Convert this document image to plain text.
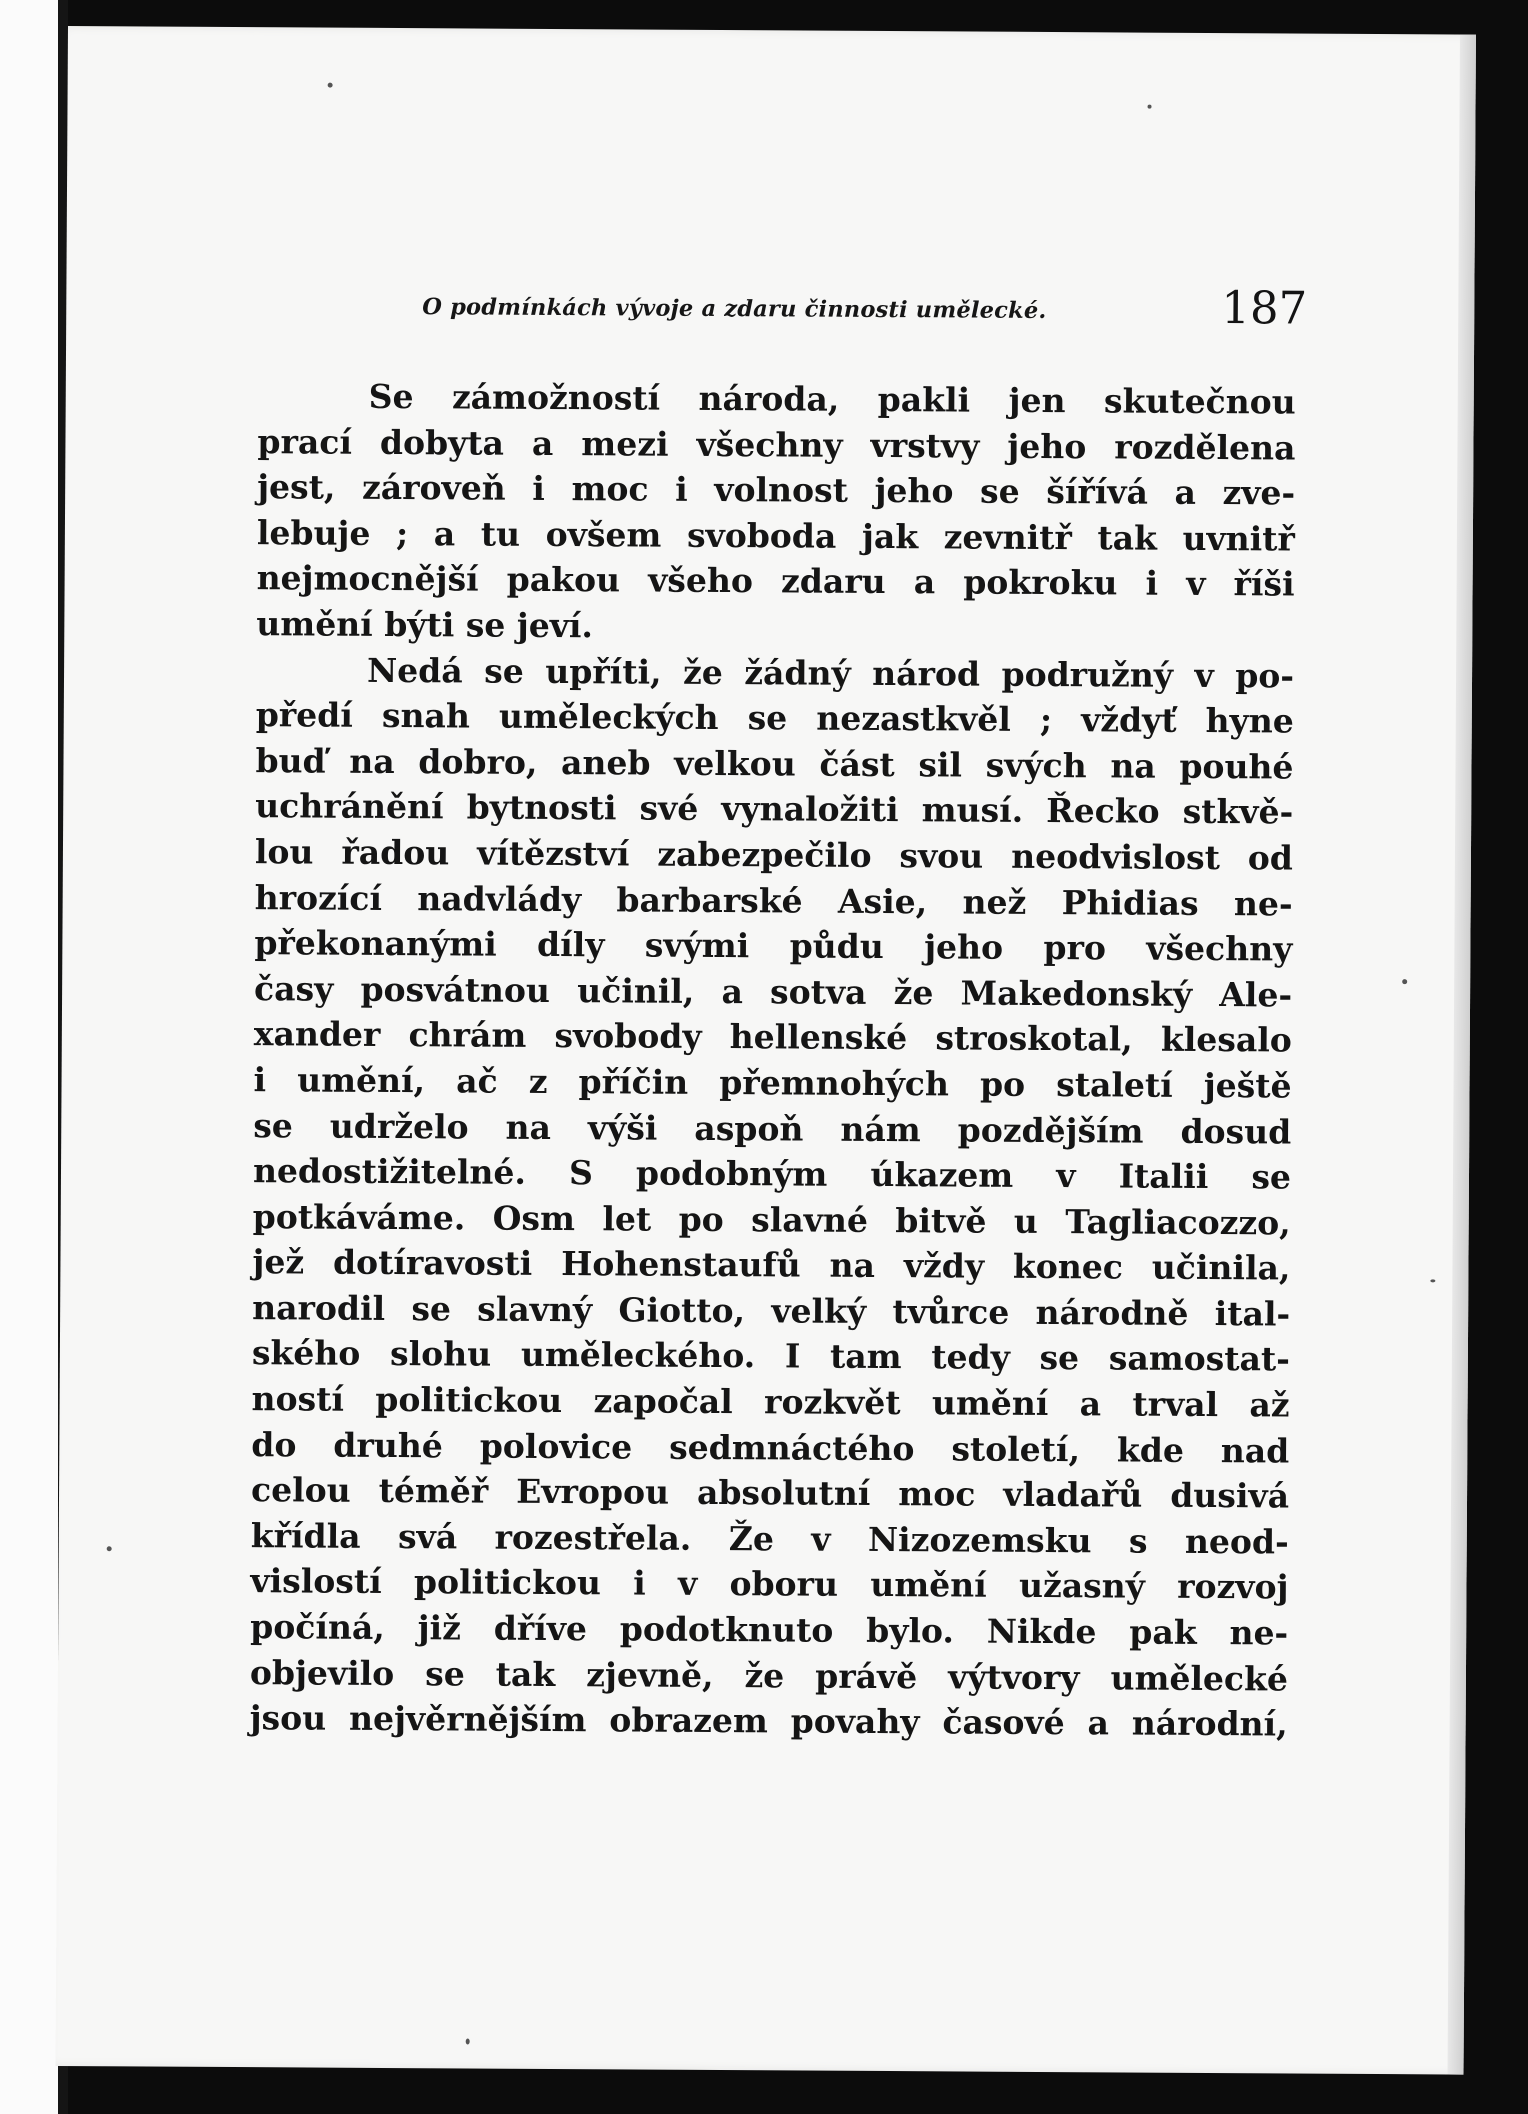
O podmínkách vývoje a zdaru činnosti umělecké.	187
Se zámožností národa, pakli jen skutečnou
prací dobyta a mezi všechny vrstvy jeho rozdělena
jest, zároveň i moc i volnost jeho se šířívá a zve-
lebuje ; a tu ovšem svoboda jak zevnitř tak uvnitř
nejmocnější pakou všeho zdaru a pokroku i v říši
umění býti se jeví.
Nedá se upříti, že žádný národ podružný v po-
předí snah uměleckých se nezastkvěl ; vždyť hyne
buď na dobro, aneb velkou část sil svých na pouhé
uchránění bytnosti své vynaložiti musí. Řecko stkvě-
lou řadou vítězství zabezpečilo svou neodvislost od
hrozící nadvlády barbarské Asie, než Phidias ne-
překonanými díly svými půdu jeho pro všechny
časy posvátnou učinil, a sotva že Makedonský Ale-
xander chrám svobody hellenské stroskotal, klesalo
i umění, ač z příčin přemnohých po staletí ještě
se udrželo na výši aspoň nám pozdějším dosud
nedostižitelné. S podobným úkazem v Italii se
potkáváme. Osm let po slavné bitvě u Tagliacozzo,
jež dotíravosti Hohenstaufů na vždy konec učinila,
narodil se slavný Giotto, velký tvůrce národně ital-
ského slohu uměleckého. I tam tedy se samostat-
ností politickou započal rozkvět umění a trval až
do druhé polovice sedmnáctého století, kde nad
celou téměř Evropou absolutní moc vladařů dusivá
křídla svá rozestřela. Že v Nizozemsku s neod-
vislostí politickou i v oboru umění užasný rozvoj
počíná, již dříve podotknuto bylo. Nikde pak ne-
objevilo se tak zjevně, že právě výtvory umělecké
jsou nejvěrnějším obrazem povahy časové a národní,
